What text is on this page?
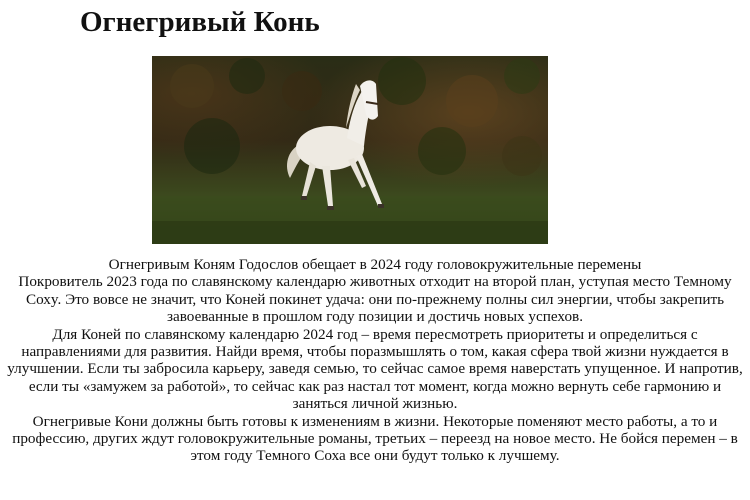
Огнегривый Конь

Огнегривым Коням Годослов обещает в 2024 году головокружительные перемены

Покровитель 2023 года по славянскому календарю животных отходит на второй план, уступая место Темному Сохy. Это вовсе не значит, что Коней покинет удача: они по-прежнему полны сил энергии, чтобы закрепить завоеванные в прошлом году позиции и достичь новых успехов.

Для Коней по славянскому календарю 2024 год – время пересмотреть приоритеты и определиться с направлениями для развития. Найди время, чтобы поразмышлять о том, какая сфера твой жизни нуждается в улучшении. Если ты забросила карьеру, заведя семью, то сейчас самое время наверстать упущенное. И напротив, если ты «замужем за работой», то сейчас как раз настал тот момент, когда можно вернуть себе гармонию и заняться личной жизнью.

Огнегривые Кони должны быть готовы к изменениям в жизни. Некоторые поменяют место работы, а то и профессию, других ждут головокружительные романы, третьих – переезд на новое место. Не бойся перемен – в этом году Темного Соха все они будут только к лучшему.
